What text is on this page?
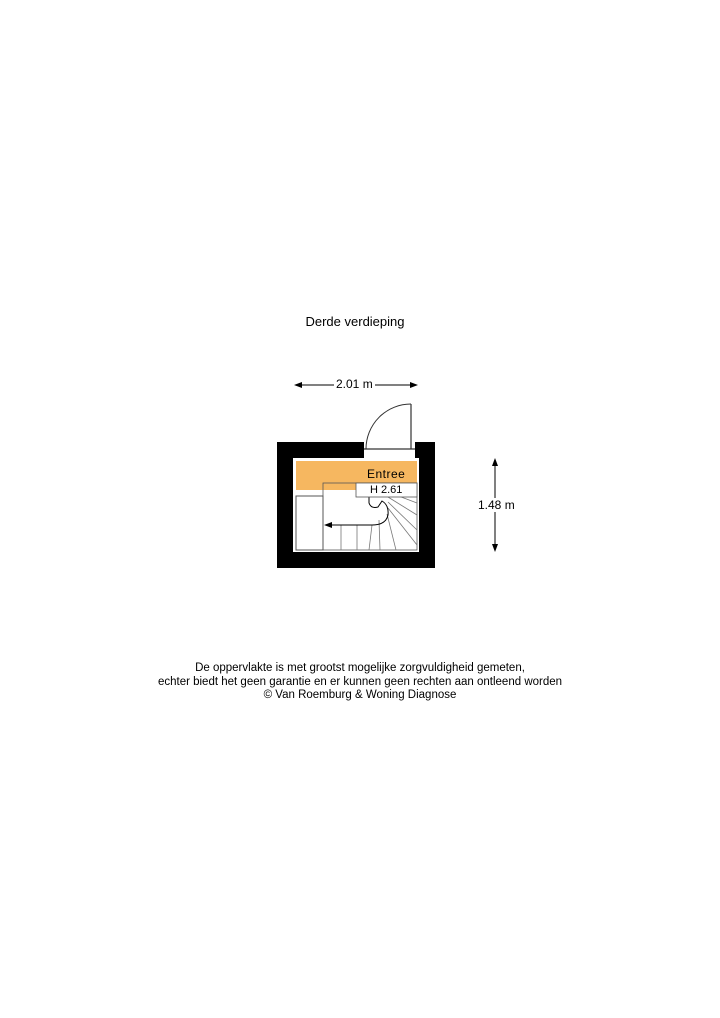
Derde verdieping
2.01 m
1.48 m
Entree
H 2.61
De oppervlakte is met grootst mogelijke zorgvuldigheid gemeten,
echter biedt het geen garantie en er kunnen geen rechten aan ontleend worden
© Van Roemburg & Woning Diagnose
